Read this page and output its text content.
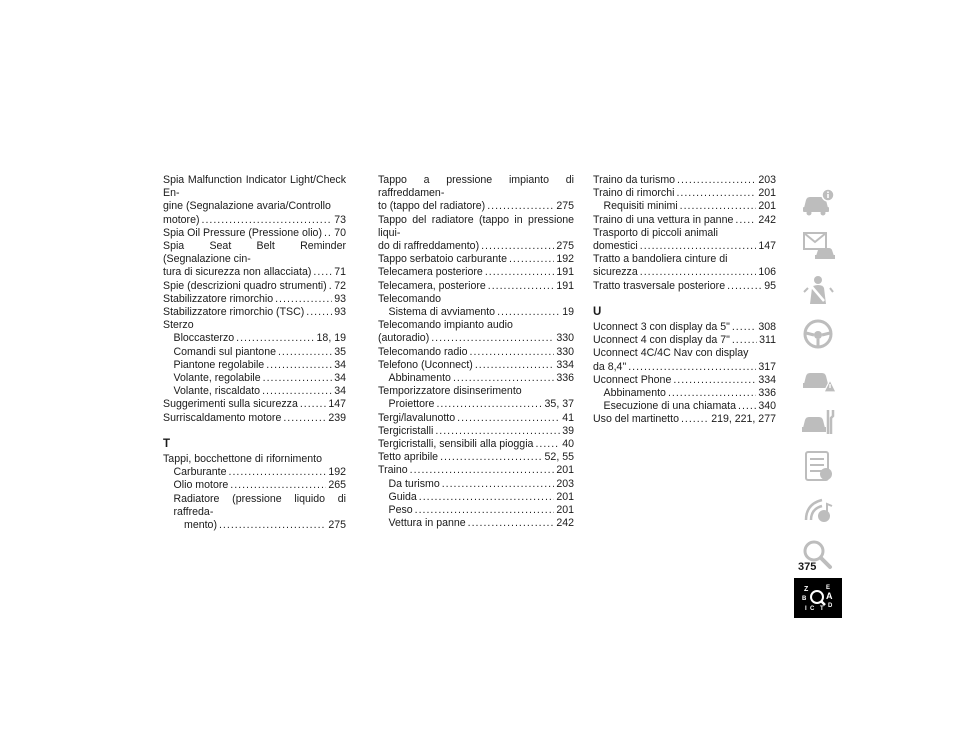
Spia Malfunction Indicator Light/Check En-
gine (Segnalazione avaria/Controllo
motore) .....	73
Spia Oil Pressure (Pressione olio) ..... 70
Spia Seat Belt Reminder (Segnalazione cin-
tura di sicurezza non allacciata) ..... 71
Spie (descrizioni quadro strumenti) ..... 72
Stabilizzatore rimorchio .....	93
Stabilizzatore rimorchio (TSC) .....	93
Sterzo
Bloccasterzo .....	18, 19
Comandi sul piantone .....	35
Piantone regolabile .....	34
Volante, regolabile .....	34
Volante, riscaldato .....	34
Suggerimenti sulla sicurezza .....	147
Surriscaldamento motore .....	239
T
Tappi, bocchettone di rifornimento
Carburante .....	192
Olio motore .....	265
Radiatore (pressione liquido di raffreda-
mento) .....	275
Tappo a pressione impianto di raffreddamen-
to (tappo del radiatore) .....	275
Tappo del radiatore (tappo in pressione liqui-
do di raffreddamento) .....	275
Tappo serbatoio carburante .....	192
Telecamera posteriore .....	191
Telecamera, posteriore .....	191
Telecomando
Sistema di avviamento .....	19
Telecomando impianto audio
(autoradio) .....	330
Telecomando radio .....	330
Telefono (Uconnect) .....	334
Abbinamento .....	336
Temporizzatore disinserimento
Proiettore .....	35, 37
Tergi/lavalunotto .....	41
Tergicristalli .....	39
Tergicristalli, sensibili alla pioggia .....	40
Tetto apribile .....	52, 55
Traino .....	201
Da turismo .....	203
Guida .....	201
Peso .....	201
Vettura in panne .....	242
Traino da turismo .....	203
Traino di rimorchi .....	201
Requisiti minimi .....	201
Traino di una vettura in panne ..... 242
Trasporto di piccoli animali
domestici .....	147
Tratto a bandoliera cinture di
sicurezza .....	106
Tratto trasversale posteriore .....	95
U
Uconnect 3 con display da 5" .....	308
Uconnect 4 con display da 7" .....	311
Uconnect 4C/4C Nav con display
da 8,4" .....	317
Uconnect Phone .....	334
Abbinamento .....	336
Esecuzione di una chiamata ..... 340
Uso del martinetto .....	219, 221, 277
Z	E
A
B
I C T D
375
